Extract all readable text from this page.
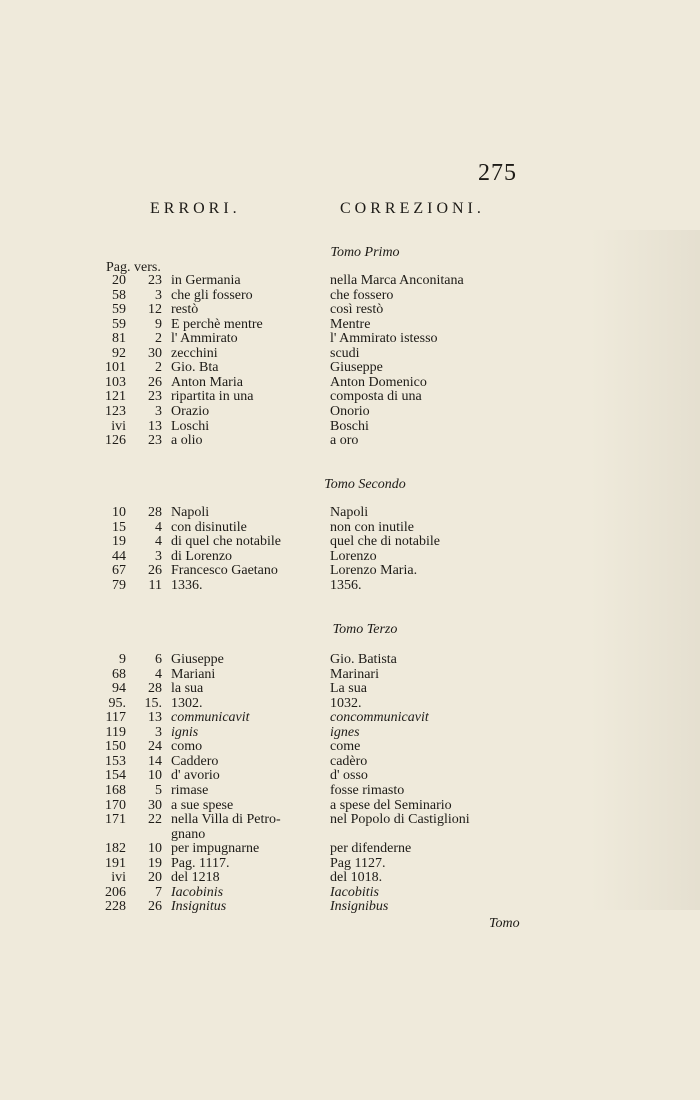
275
ERRORI.	CORREZIONI.
Pag. vers.
Tomo Primo
20	23 in Germania	nella Marca Anconitana
58	3 che gli fossero	che fossero
59	12 restò	così restò
59	9 E perchè mentre	Mentre
81	2 l' Ammirato	l' Ammirato istesso
92	30 zecchini	scudi
101	2 Gio. Bta	Giuseppe
103	26 Anton Maria	Anton Domenico
121	23 ripartita in una	composta di una
123	3 Orazio	Onorio
ivi	13 Loschi	Boschi
126	23 a olio	a oro
Tomo Secondo
10	28 Napoli	Napoli
15	4 con disinutile	non con inutile
19	4 di quel che notabile	quel che di notabile
44	3 di Lorenzo	Lorenzo
67	26 Francesco Gaetano	Lorenzo Maria.
79	11 1336.	1356.
Tomo Terzo
9	6 Giuseppe	Gio. Batista
68	4 Mariani	Marinari
94	28 la sua	La sua
95.	15. 1302.	1032.
117	13 communicavit	concommunicavit
119	3 ignis	ignes
150	24 como	come
153	14 Caddero	cadèro
154	10 d' avorio	d' osso
168	5 rimase	fosse rimasto
170	30 a sue spese	a spese del Seminario
171	22 nella Villa di Petro-	nel Popolo di Castiglioni
gnano
182	10 per impugnarne	per difenderne
191	19 Pag. 1117.	Pag 1127.
ivi	20 del 1218	del 1018.
206	7 Iacobinis	Iacobitis
228	26 Insignitus	Insignibus
Tomo
